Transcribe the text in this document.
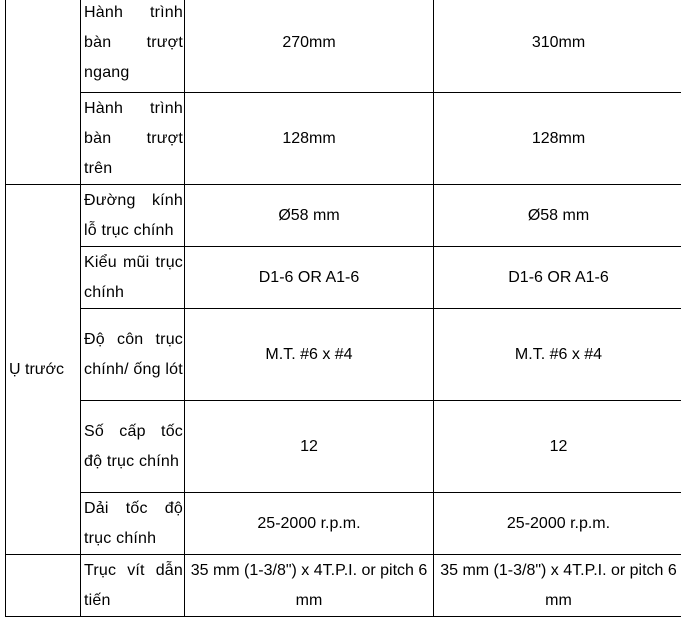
	Hành trình bàn trượt ngang	270mm	310mm
	Hành trình bàn trượt trên	128mm	128mm
Ụ trước	Đường kính lỗ trục chính	Ø58 mm	Ø58 mm
	Kiểu mũi trục chính	D1-6 OR A1-6	D1-6 OR A1-6
	Độ côn trục chính/ ống lót	M.T. #6 x #4	M.T. #6 x #4
	Số cấp tốc độ trục chính	12	12
	Dải tốc độ trục chính	25-2000 r.p.m.	25-2000 r.p.m.
	Trục vít dẫn tiến	35 mm (1-3/8") x 4T.P.I. or pitch 6 mm	35 mm (1-3/8") x 4T.P.I. or pitch 6 mm
